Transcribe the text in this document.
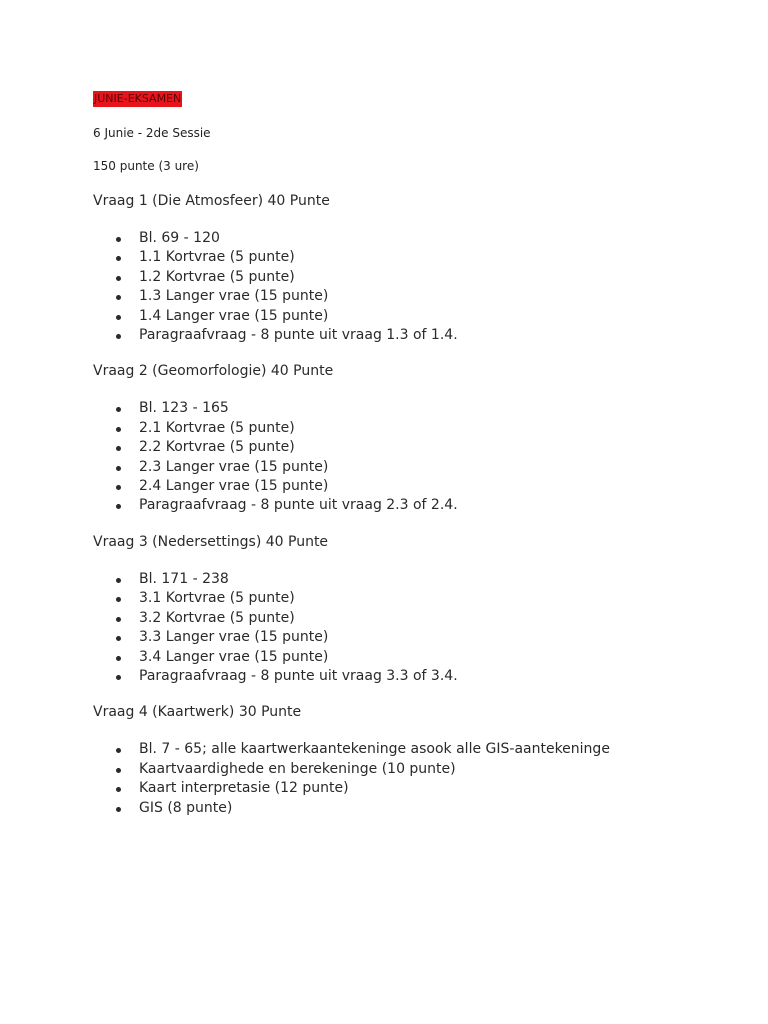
JUNIE-EKSAMEN
6 Junie - 2de Sessie
150 punte (3 ure)
Vraag 1 (Die Atmosfeer) 40 Punte
Bl. 69 - 120
1.1 Kortvrae (5 punte)
1.2 Kortvrae (5 punte)
1.3 Langer vrae (15 punte)
1.4 Langer vrae (15 punte)
Paragraafvraag - 8 punte uit vraag 1.3 of 1.4.
Vraag 2 (Geomorfologie) 40 Punte
Bl. 123 - 165
2.1 Kortvrae (5 punte)
2.2 Kortvrae (5 punte)
2.3 Langer vrae (15 punte)
2.4 Langer vrae (15 punte)
Paragraafvraag - 8 punte uit vraag 2.3 of 2.4.
Vraag 3 (Nedersettings) 40 Punte
Bl. 171 - 238
3.1 Kortvrae (5 punte)
3.2 Kortvrae (5 punte)
3.3 Langer vrae (15 punte)
3.4 Langer vrae (15 punte)
Paragraafvraag - 8 punte uit vraag 3.3 of 3.4.
Vraag 4 (Kaartwerk) 30 Punte
Bl. 7 - 65; alle kaartwerkaantekeninge asook alle GIS-aantekeninge
Kaartvaardighede en berekeninge (10 punte)
Kaart interpretasie (12 punte)
GIS (8 punte)
